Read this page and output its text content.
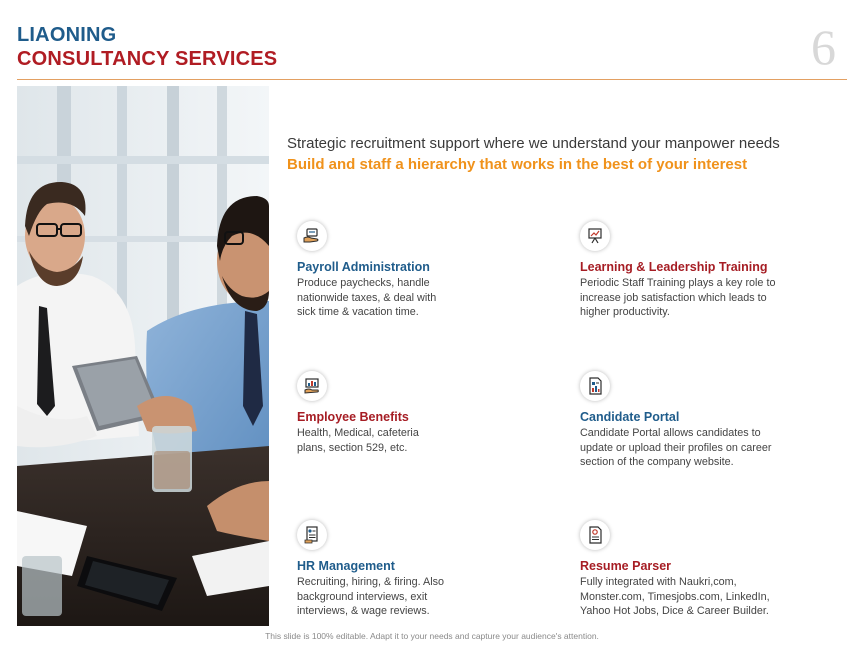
LIAONING
CONSULTANCY SERVICES	6
Strategic recruitment support where we understand your manpower needs
Build and staff a hierarchy that works in the best of your interest
Payroll Administration

Produce paychecks, handle
nationwide taxes, & deal with
sick time & vacation time.

Learning & Leadership Training

Periodic Staff Training plays a key role to
increase job satisfaction which leads to
higher productivity.

Employee Benefits

Health, Medical, cafeteria
plans, section 529, etc.

Candidate Portal

Candidate Portal allows candidates to
update or upload their profiles on career
section of the company website.

HR Management

Recruiting, hiring, & firing. Also
background interviews, exit
interviews, & wage reviews.

Resume Parser

Fully integrated with Naukri,com,
Monster.com, Timesjobs.com, LinkedIn,
Yahoo Hot Jobs, Dice & Career Builder.

This slide is 100% editable. Adapt it to your needs and capture your audience's attention.
